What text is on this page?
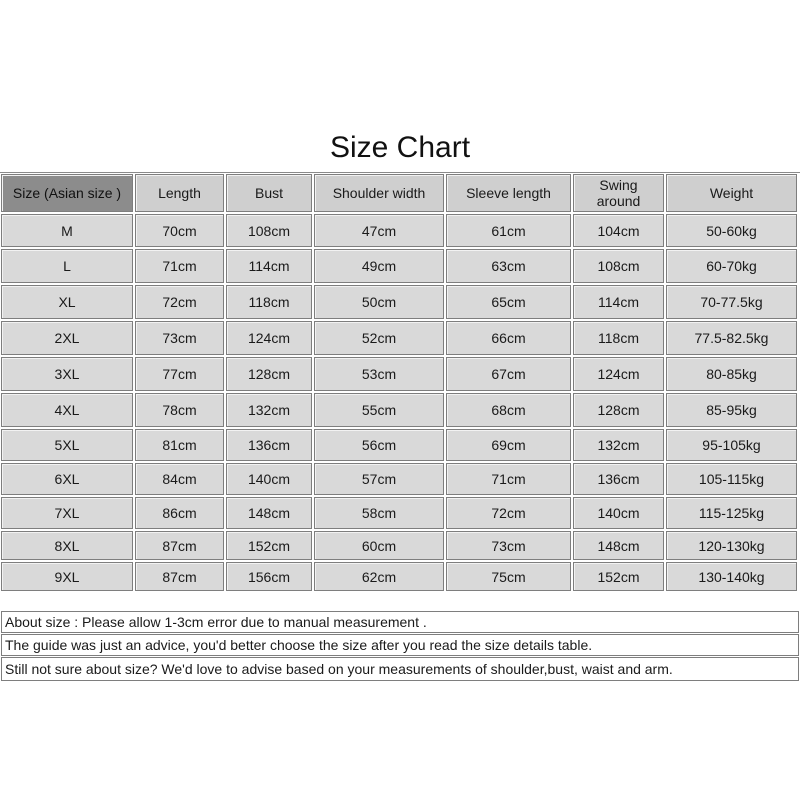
Size Chart
Size (Asian size )	Length	Bust	Shoulder width	Sleeve length	Swing around	Weight
M	70cm	108cm	47cm	61cm	104cm	50-60kg
L	71cm	114cm	49cm	63cm	108cm	60-70kg
XL	72cm	118cm	50cm	65cm	114cm	70-77.5kg
2XL	73cm	124cm	52cm	66cm	118cm	77.5-82.5kg
3XL	77cm	128cm	53cm	67cm	124cm	80-85kg
4XL	78cm	132cm	55cm	68cm	128cm	85-95kg
5XL	81cm	136cm	56cm	69cm	132cm	95-105kg
6XL	84cm	140cm	57cm	71cm	136cm	105-115kg
7XL	86cm	148cm	58cm	72cm	140cm	115-125kg
8XL	87cm	152cm	60cm	73cm	148cm	120-130kg
9XL	87cm	156cm	62cm	75cm	152cm	130-140kg
About size : Please allow 1-3cm error due to manual measurement .
The guide was just an advice, you'd better choose the size after you read the size details table.
Still not sure about size? We'd love to advise based on your measurements of shoulder,bust, waist and arm.
